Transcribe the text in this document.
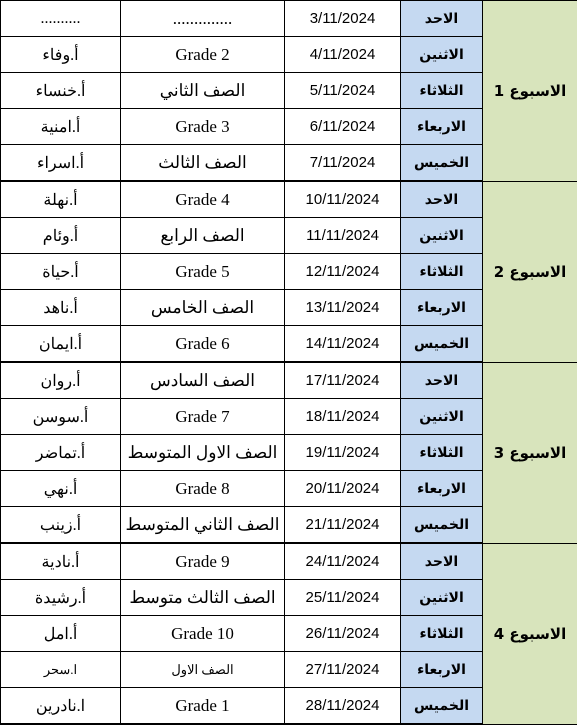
..........	..............	3/11/2024	الاحد	الاسبوع 1
أ.وفاء	Grade 2	4/11/2024	الاثنين	
أ.خنساء	الصف الثاني	5/11/2024	الثلاثاء	
أ.امنية	Grade 3	6/11/2024	الاربعاء	
أ.اسراء	الصف الثالث	7/11/2024	الخميس	
أ.نهلة	Grade 4	10/11/2024	الاحد	الاسبوع 2
أ.وئام	الصف الرابع	11/11/2024	الاثنين	
أ.حياة	Grade 5	12/11/2024	الثلاثاء	
أ.ناهد	الصف الخامس	13/11/2024	الاربعاء	
أ.ايمان	Grade 6	14/11/2024	الخميس	
أ.روان	الصف السادس	17/11/2024	الاحد	الاسبوع 3
أ.سوسن	Grade 7	18/11/2024	الاثنين	
أ.تماضر	الصف الاول المتوسط	19/11/2024	الثلاثاء	
أ.نهي	Grade 8	20/11/2024	الاربعاء	
أ.زينب	الصف الثاني المتوسط	21/11/2024	الخميس	
أ.نادية	Grade 9	24/11/2024	الاحد	الاسبوع 4
أ.رشيدة	الصف الثالث متوسط	25/11/2024	الاثنين	
أ.امل	Grade 10	26/11/2024	الثلاثاء	
ا.سحر	الصف الاول	27/11/2024	الاربعاء	
ا.نادرين	Grade 1	28/11/2024	الخميس	
